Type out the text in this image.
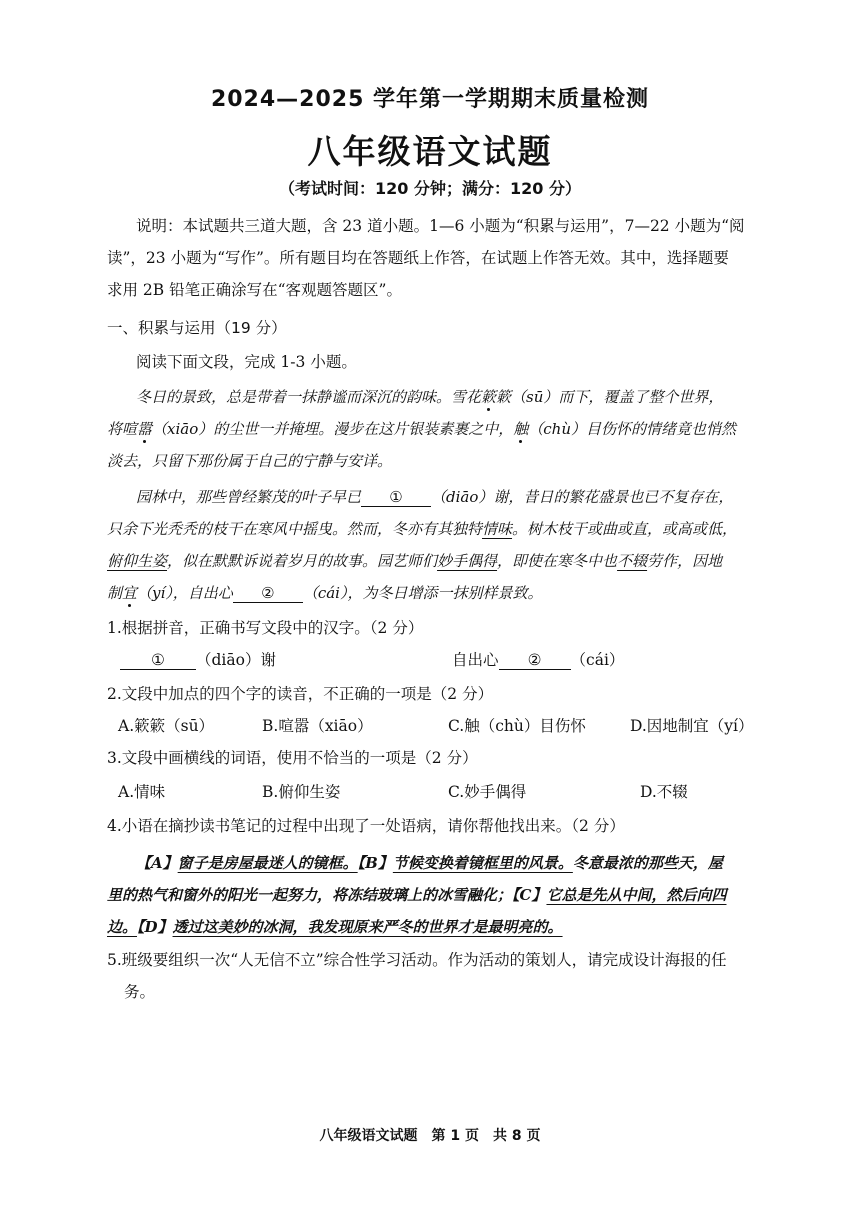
2024—2025 学年第一学期期末质量检测
八年级语文试题
（考试时间：120 分钟；满分：120 分）
说明：本试题共三道大题，含 23 道小题。1—6 小题为“积累与运用”，7—22 小题为“阅
读”，23 小题为“写作”。所有题目均在答题纸上作答，在试题上作答无效。其中，选择题要
求用 2B 铅笔正确涂写在“客观题答题区”。
一、积累与运用（19 分）
阅读下面文段，完成 1-3 小题。
冬日的景致，总是带着一抹静谧而深沉的韵味。雪花簌簌（sū）而下，覆盖了整个世界，
将喧嚣（xiāo）的尘世一并掩埋。漫步在这片银装素裹之中，触（chù）目伤怀的情绪竟也悄然
淡去，只留下那份属于自己的宁静与安详。
园林中，那些曾经繁茂的叶子早已 ① （diāo）谢，昔日的繁花盛景也已不复存在，
只余下光秃秃的枝干在寒风中摇曳。然而，冬亦有其独特情味。树木枝干或曲或直，或高或低，
俯仰生姿，似在默默诉说着岁月的故事。园艺师们妙手偶得，即使在寒冬中也不辍劳作，因地
制宜（yí），自出心 ② （cái），为冬日增添一抹别样景致。
1.根据拼音，正确书写文段中的汉字。（2 分）
① （diāo）谢	自出心 ② （cái）
2.文段中加点的四个字的读音，不正确的一项是（2 分）
A.簌簌（sū）	B.喧嚣（xiāo）	C.触（chù）目伤怀	D.因地制宜（yí）
3.文段中画横线的词语，使用不恰当的一项是（2 分）
A.情味	B.俯仰生姿	C.妙手偶得	D.不辍
4.小语在摘抄读书笔记的过程中出现了一处语病，请你帮他找出来。（2 分）
【A】窗子是房屋最迷人的镜框。【B】节候变换着镜框里的风景。冬意最浓的那些天，屋
里的热气和窗外的阳光一起努力，将冻结玻璃上的冰雪融化；【C】它总是先从中间，然后向四
边。【D】透过这美妙的冰洞，我发现原来严冬的世界才是最明亮的。
5.班级要组织一次“人无信不立”综合性学习活动。作为活动的策划人，请完成设计海报的任
务。
八年级语文试题　第 1 页　共 8 页
